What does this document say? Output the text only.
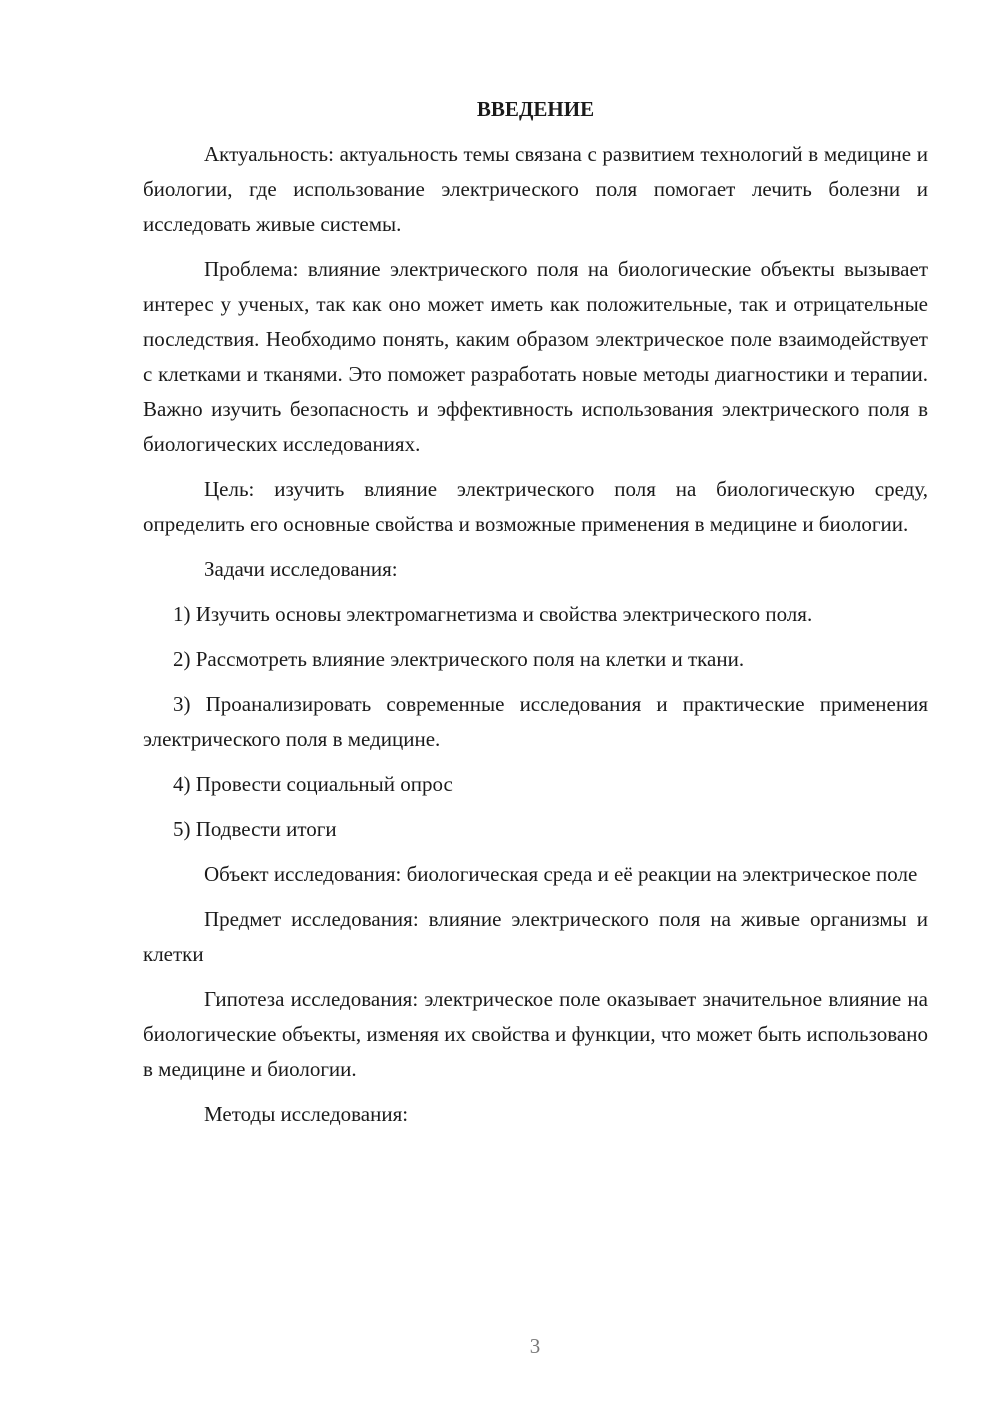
ВВЕДЕНИЕ

Актуальность: актуальность темы связана с развитием технологий в медицине и биологии, где использование электрического поля помогает лечить болезни и исследовать живые системы.

Проблема: влияние электрического поля на биологические объекты вызывает интерес у ученых, так как оно может иметь как положительные, так и отрицательные последствия. Необходимо понять, каким образом электрическое поле взаимодействует с клетками и тканями. Это поможет разработать новые методы диагностики и терапии. Важно изучить безопасность и эффективность использования электрического поля в биологических исследованиях.

Цель: изучить влияние электрического поля на биологическую среду, определить его основные свойства и возможные применения в медицине и биологии.

Задачи исследования:

1) Изучить основы электромагнетизма и свойства электрического поля.

2) Рассмотреть влияние электрического поля на клетки и ткани.

3) Проанализировать современные исследования и практические применения электрического поля в медицине.

4) Провести социальный опрос

5) Подвести итоги

Объект исследования: биологическая среда и её реакции на электрическое поле

Предмет исследования: влияние электрического поля на живые организмы и клетки

Гипотеза исследования: электрическое поле оказывает значительное влияние на биологические объекты, изменяя их свойства и функции, что может быть использовано в медицине и биологии.

Методы исследования:

3
